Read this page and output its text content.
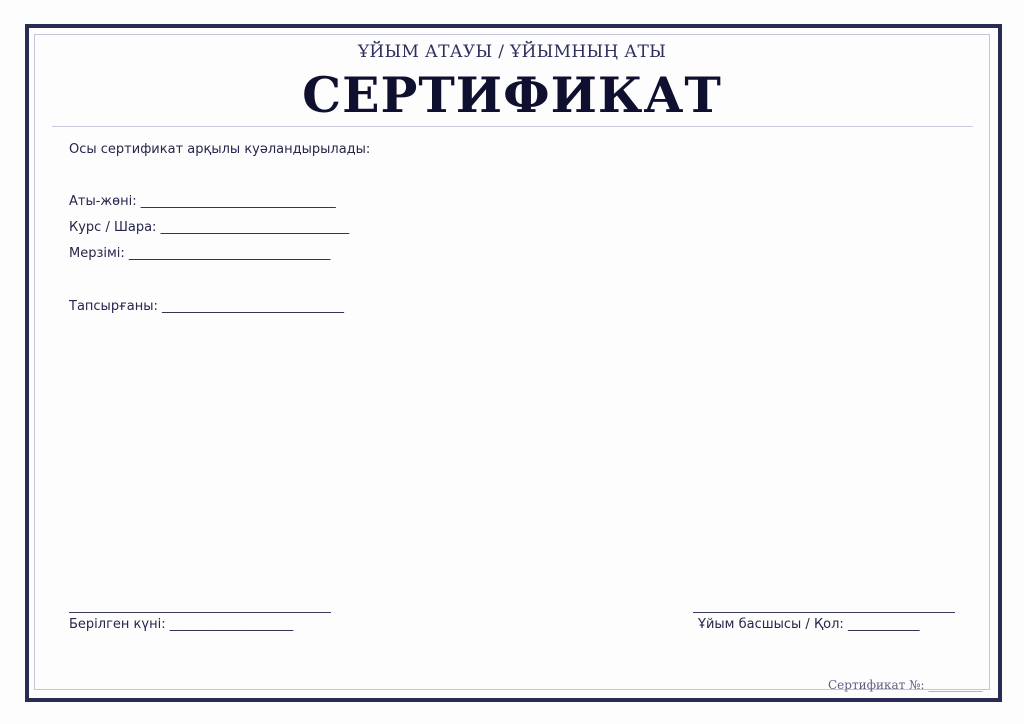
ҰЙЫМ АТАУЫ / ҰЙЫМНЫҢ АТЫ
СЕРТИФИКАТ
Осы сертификат арқылы куәландырылады:
Аты-жөні: ______________________________
Курс / Шара: _____________________________
Мерзімі: _______________________________
Тапсырғаны: ____________________________
Берілген күні: ___________________	Ұйым басшысы / Қол: ___________
Сертификат №: _________
